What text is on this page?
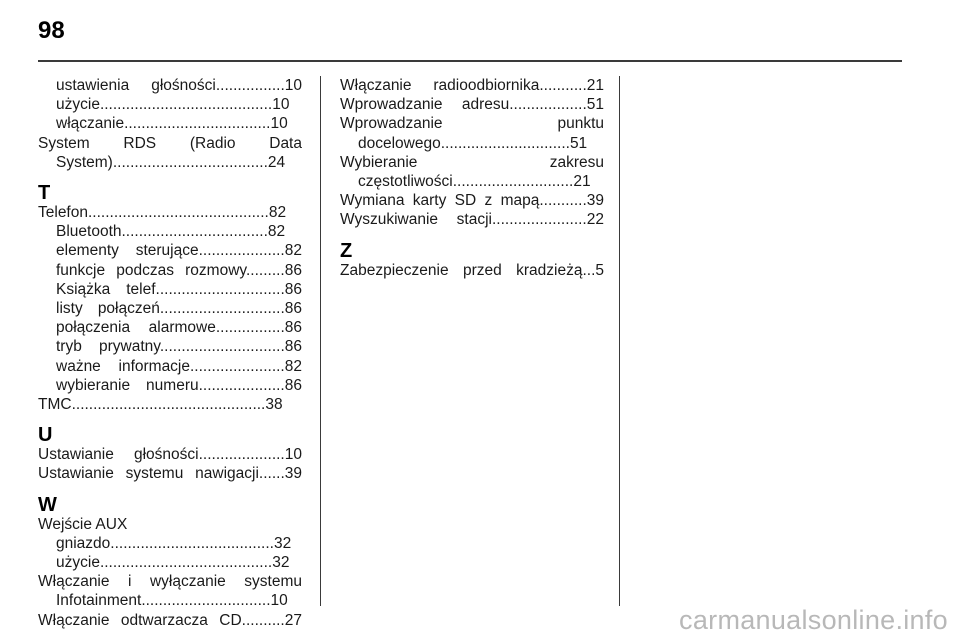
98
ustawienia głośności................10
użycie........................................10
włączanie..................................10
System RDS (Radio Data System)....................................24
T
Telefon..........................................82
Bluetooth..................................82
elementy sterujące....................82
funkcje podczas rozmowy.........86
Książka telef..............................86
listy połączeń.............................86
połączenia alarmowe................86
tryb prywatny.............................86
ważne informacje......................82
wybieranie numeru....................86
TMC.............................................38
U
Ustawianie głośności....................10
Ustawianie systemu nawigacji......39
W
Wejście AUX
gniazdo......................................32
użycie........................................32
Włączanie i wyłączanie systemu Infotainment..............................10
Włączanie odtwarzacza CD..........27
Włączanie radioodbiornika...........21
Wprowadzanie adresu..................51
Wprowadzanie punktu docelowego..............................51
Wybieranie zakresu częstotliwości............................21
Wymiana karty SD z mapą...........39
Wyszukiwanie stacji......................22
Z
Zabezpieczenie przed kradzieżą...5
carmanualsonline.info
